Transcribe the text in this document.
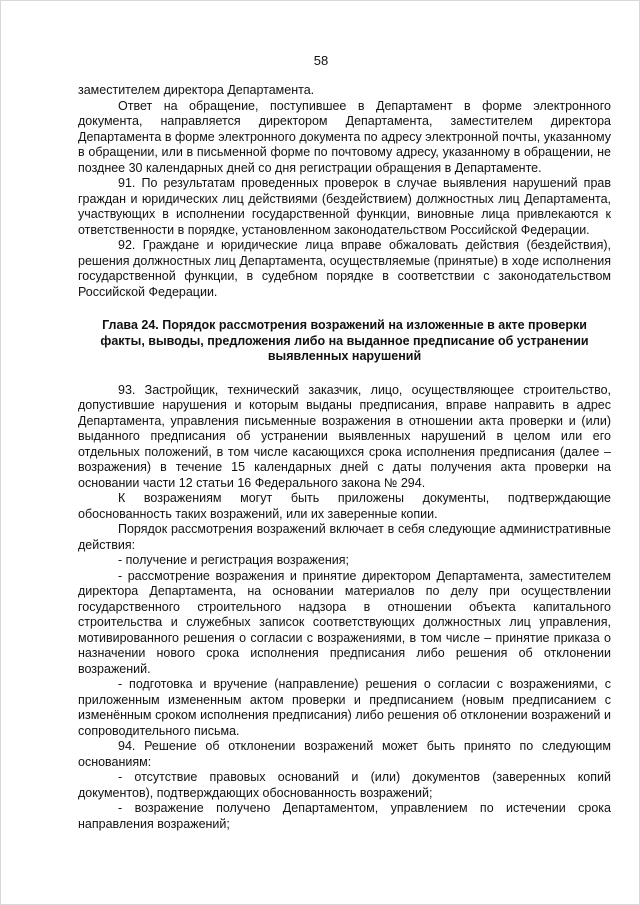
58

заместителем директора Департамента.

Ответ на обращение, поступившее в Департамент в форме электронного документа, направляется директором Департамента, заместителем директора Департамента в форме электронного документа по адресу электронной почты, указанному в обращении, или в письменной форме по почтовому адресу, указанному в обращении, не позднее 30 календарных дней со дня регистрации обращения в Департаменте.

91. По результатам проведенных проверок в случае выявления нарушений прав граждан и юридических лиц действиями (бездействием) должностных лиц Департамента, участвующих в исполнении государственной функции, виновные лица привлекаются к ответственности в порядке, установленном законодательством Российской Федерации.

92. Граждане и юридические лица вправе обжаловать действия (бездействия), решения должностных лиц Департамента, осуществляемые (принятые) в ходе исполнения государственной функции, в судебном порядке в соответствии с законодательством Российской Федерации.

Глава 24. Порядок рассмотрения возражений на изложенные в акте проверки
факты, выводы, предложения либо на выданное предписание об устранении
выявленных нарушений

93. Застройщик, технический заказчик, лицо, осуществляющее строительство, допустившие нарушения и которым выданы предписания, вправе направить в адрес Департамента, управления письменные возражения в отношении акта проверки и (или) выданного предписания об устранении выявленных нарушений в целом или его отдельных положений, в том числе касающихся срока исполнения предписания (далее – возражения) в течение 15 календарных дней с даты получения акта проверки на основании части 12 статьи 16 Федерального закона № 294.

К возражениям могут быть приложены документы, подтверждающие обоснованность таких возражений, или их заверенные копии.

Порядок рассмотрения возражений включает в себя следующие административные действия:

- получение и регистрация возражения;

- рассмотрение возражения и принятие директором Департамента, заместителем директора Департамента, на основании материалов по делу при осуществлении государственного строительного надзора в отношении объекта капитального строительства и служебных записок соответствующих должностных лиц управления, мотивированного решения о согласии с возражениями, в том числе – принятие приказа о назначении нового срока исполнения предписания либо решения об отклонении возражений.

- подготовка и вручение (направление) решения о согласии с возражениями, с приложенным измененным актом проверки и предписанием (новым предписанием с изменённым сроком исполнения предписания) либо решения об отклонении возражений и сопроводительного письма.

94. Решение об отклонении возражений может быть принято по следующим основаниям:

- отсутствие правовых оснований и (или) документов (заверенных копий документов), подтверждающих обоснованность возражений;

- возражение получено Департаментом, управлением по истечении срока направления возражений;
